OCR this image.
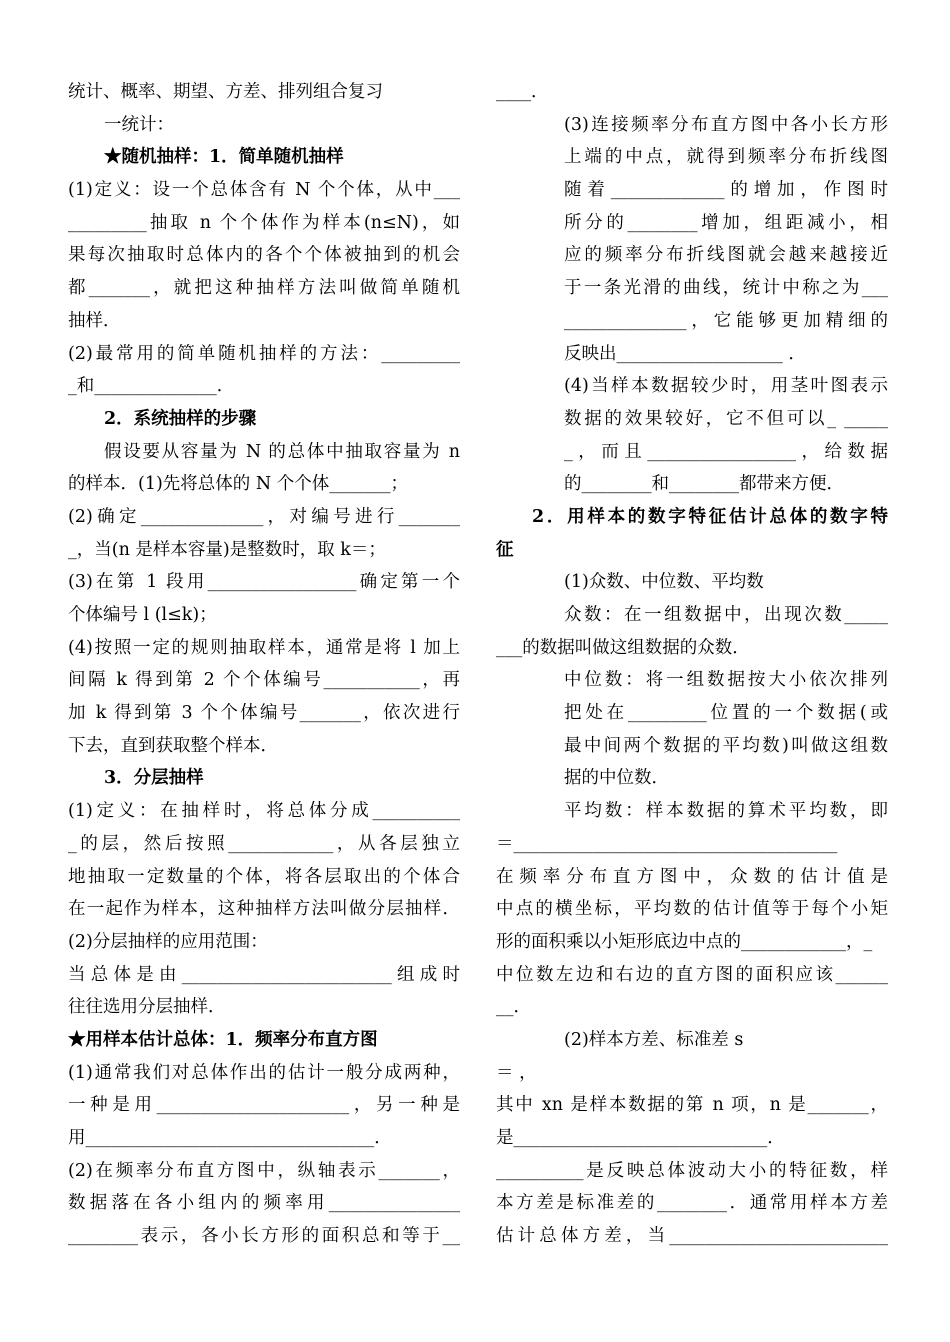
统计、概率、期望、方差、排列组合复习
一统计：
★随机抽样：1．简单随机抽样
(1)定义：设一个总体含有 N 个个体，从中___
_________抽取 n 个个体作为样本(n≤N)，如
果每次抽取时总体内的各个个体被抽到的机会
都_______，就把这种抽样方法叫做简单随机
抽样．
(2)最常用的简单随机抽样的方法：_________
_和______________．
2．系统抽样的步骤
假设要从容量为 N 的总体中抽取容量为 n
的样本．(1)先将总体的 N 个个体_______；
(2)确定______________，对编号进行_______
_，当(n 是样本容量)是整数时，取 k＝；
(3)在第 1 段用_________________确定第一个
个体编号 l (l≤k)；
(4)按照一定的规则抽取样本，通常是将 l 加上
间隔 k 得到第 2 个个体编号___________，再
加 k 得到第 3 个个体编号_______，依次进行
下去，直到获取整个样本．
3．分层抽样
(1)定义：在抽样时，将总体分成__________
_的层，然后按照____________，从各层独立
地抽取一定数量的个体，将各层取出的个体合
在一起作为样本，这种抽样方法叫做分层抽样．
(2)分层抽样的应用范围：
当总体是由________________________组成时
往往选用分层抽样．
★用样本估计总体：1．频率分布直方图
(1)通常我们对总体作出的估计一般分成两种，
一种是用______________________，另一种是
用_________________________________．
(2)在频率分布直方图中，纵轴表示_______，
数据落在各小组内的频率用_______________
________表示，各小长方形的面积总和等于__
____．
(3)连接频率分布直方图中各小长方形
上端的中点，就得到频率分布折线图
随着_____________的增加，作图时
所分的________增加，组距减小，相
应的频率分布折线图就会越来越接近
于一条光滑的曲线，统计中称之为___
______________，它能够更加精细的
反映出___________________ ．
(4)当样本数据较少时，用茎叶图表示
数据的效果较好，它不但可以_ _____
_，而且_________________，给数据
的________和________都带来方便．
2．用样本的数字特征估计总体的数字特
征
(1)众数、中位数、平均数
众数：在一组数据中，出现次数_____
___的数据叫做这组数据的众数．
中位数：将一组数据按大小依次排列
把处在_________位置的一个数据(或
最中间两个数据的平均数)叫做这组数
据的中位数．
平均数：样本数据的算术平均数，即
＝_____________________________________
在频率分布直方图中，众数的估计值是
中点的横坐标，平均数的估计值等于每个小矩
形的面积乘以小矩形底边中点的____________，_
中位数左边和右边的直方图的面积应该______
__．
(2)样本方差、标准差 s
＝ ，
其中 xn 是样本数据的第 n 项，n 是_______，
是_____________________________．
__________是反映总体波动大小的特征数，样
本方差是标准差的________．通常用样本方差
估计总体方差，当_________________________
